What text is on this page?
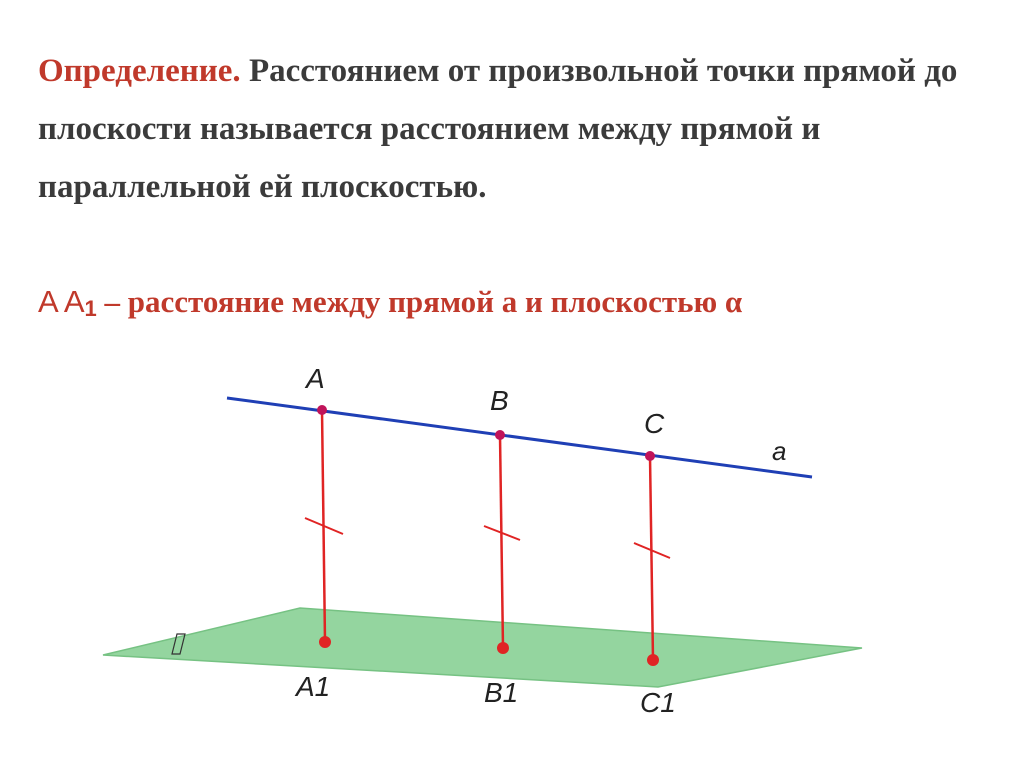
Определение. Расстоянием от произвольной точки прямой до плоскости называется расстоянием между прямой и параллельной ей плоскостью.

A $A_1$ – расстояние между прямой а и плоскостью α

a
A
B
C
A1	B1	C1
